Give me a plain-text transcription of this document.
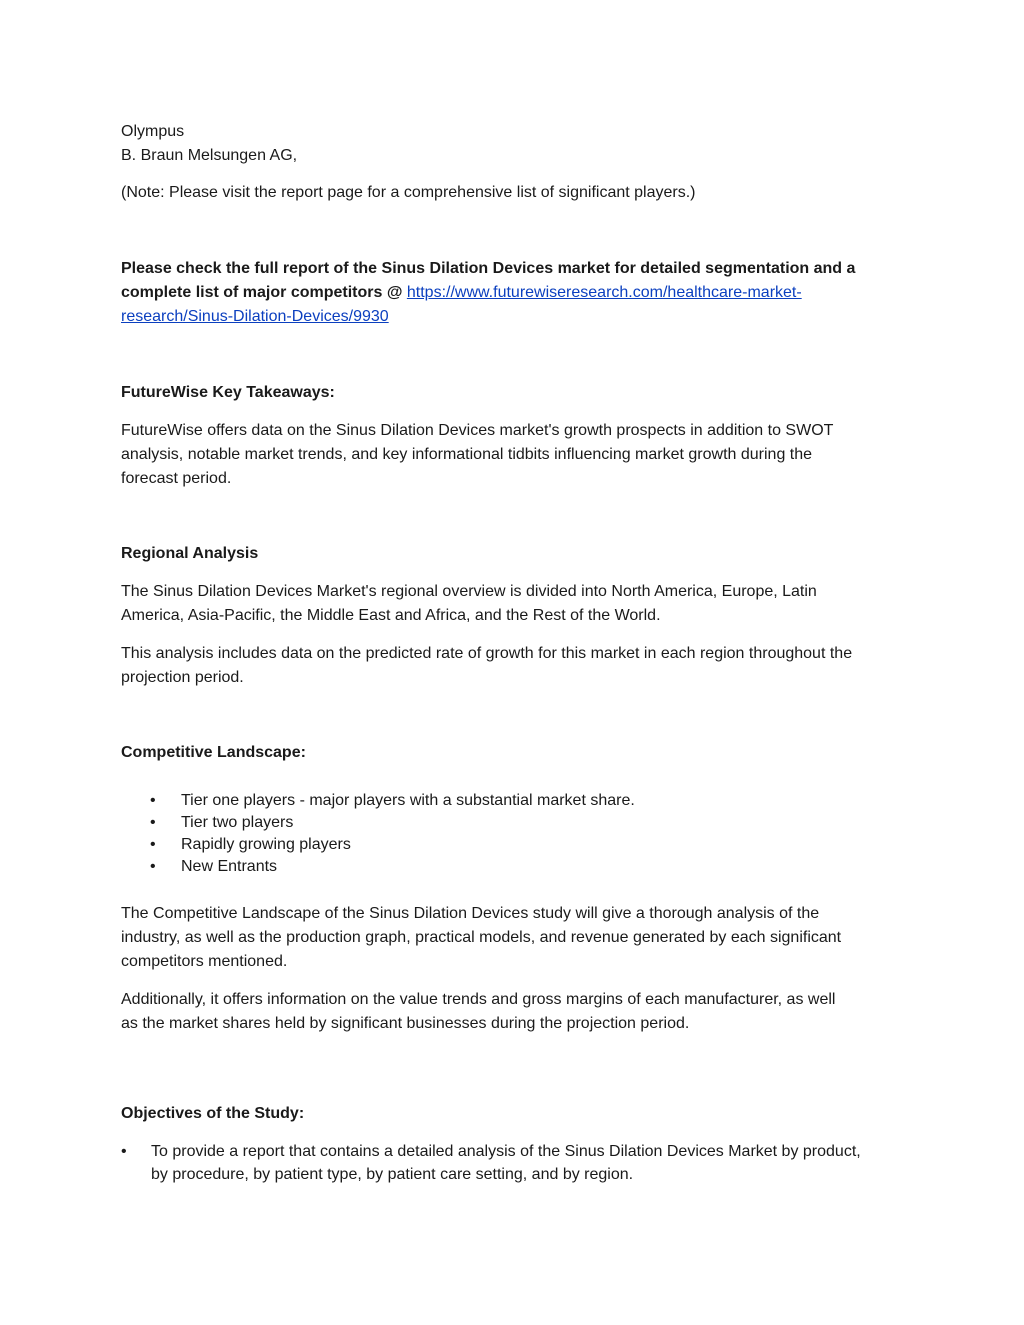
Olympus
B. Braun Melsungen AG,
(Note: Please visit the report page for a comprehensive list of significant players.)
Please check the full report of the Sinus Dilation Devices market for detailed segmentation and a complete list of major competitors @ https://www.futurewiseresearch.com/healthcare-market-
research/Sinus-Dilation-Devices/9930
FutureWise Key Takeaways:
FutureWise offers data on the Sinus Dilation Devices market's growth prospects in addition to SWOT
analysis, notable market trends, and key informational tidbits influencing market growth during the
forecast period.
Regional Analysis
The Sinus Dilation Devices Market's regional overview is divided into North America, Europe, Latin
America, Asia-Pacific, the Middle East and Africa, and the Rest of the World.
This analysis includes data on the predicted rate of growth for this market in each region throughout the
projection period.
Competitive Landscape:
• Tier one players - major players with a substantial market share.
• Tier two players
• Rapidly growing players
• New Entrants
The Competitive Landscape of the Sinus Dilation Devices study will give a thorough analysis of the
industry, as well as the production graph, practical models, and revenue generated by each significant
competitors mentioned.
Additionally, it offers information on the value trends and gross margins of each manufacturer, as well
as the market shares held by significant businesses during the projection period.
Objectives of the Study:
• To provide a report that contains a detailed analysis of the Sinus Dilation Devices Market by product,
by procedure, by patient type, by patient care setting, and by region.
